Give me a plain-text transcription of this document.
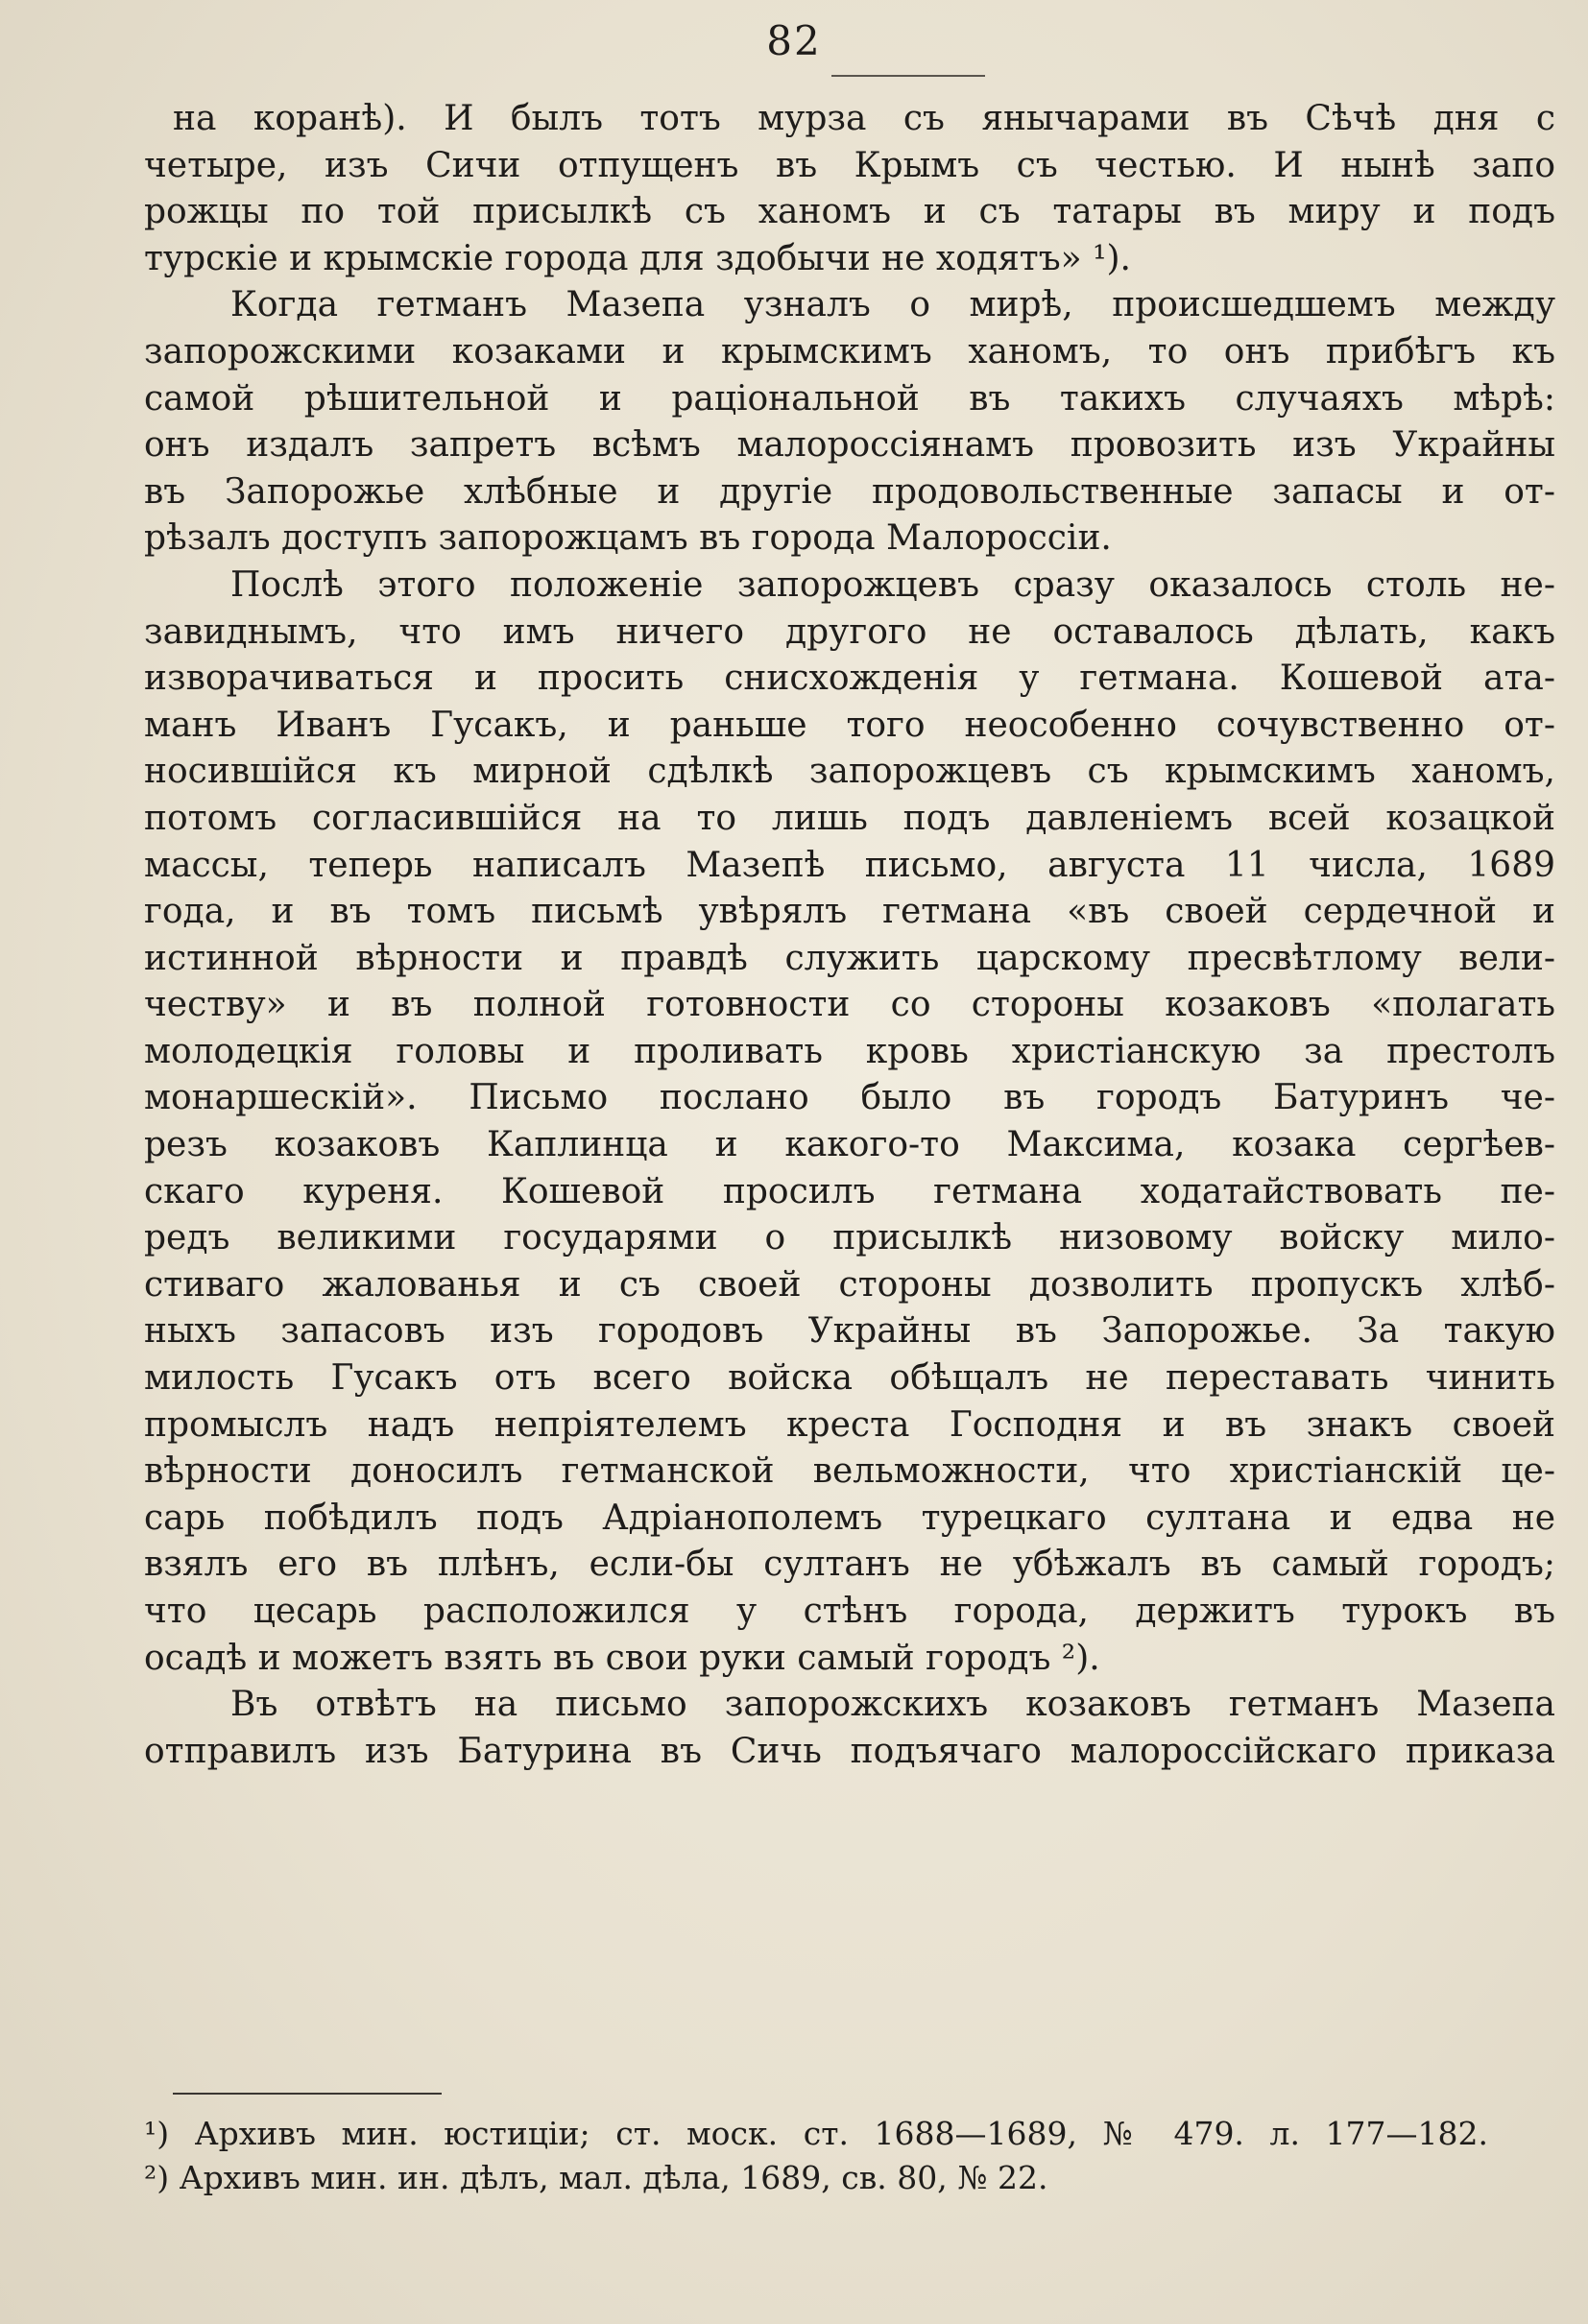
82
на коранѣ). И былъ тотъ мурза съ янычарами въ Сѣчѣ дня с
четыре, изъ Сичи отпущенъ въ Крымъ съ честью. И нынѣ запо
рожцы по той присылкѣ съ ханомъ и съ татары въ миру и подъ
турскіе и крымскіе города для здобычи не ходятъ» ¹).
Когда гетманъ Мазепа узналъ о мирѣ, происшедшемъ между
запорожскими козаками и крымскимъ ханомъ, то онъ прибѣгъ къ
самой рѣшительной и раціональной въ такихъ случаяхъ мѣрѣ:
онъ издалъ запретъ всѣмъ малороссіянамъ провозить изъ Украйны
въ Запорожье хлѣбные и другіе продовольственные запасы и от-
рѣзалъ доступъ запорожцамъ въ города Малороссіи.
Послѣ этого положеніе запорожцевъ сразу оказалось столь не-
завиднымъ, что имъ ничего другого не оставалось дѣлать, какъ
изворачиваться и просить снисхожденія у гетмана. Кошевой ата-
манъ Иванъ Гусакъ, и раньше того неособенно сочувственно от-
носившійся къ мирной сдѣлкѣ запорожцевъ съ крымскимъ ханомъ,
потомъ согласившійся на то лишь подъ давленіемъ всей козацкой
массы, теперь написалъ Мазепѣ письмо, августа 11 числа, 1689
года, и въ томъ письмѣ увѣрялъ гетмана «въ своей сердечной и
истинной вѣрности и правдѣ служить царскому пресвѣтлому вели-
честву» и въ полной готовности со стороны козаковъ «полагать
молодецкія головы и проливать кровь христіанскую за престолъ
монаршескій». Письмо послано было въ городъ Батуринъ че-
резъ козаковъ Каплинца и какого-то Максима, козака сергѣев-
скаго куреня. Кошевой просилъ гетмана ходатайствовать пе-
редъ великими государями о присылкѣ низовому войску мило-
стиваго жалованья и съ своей стороны дозволить пропускъ хлѣб-
ныхъ запасовъ изъ городовъ Украйны въ Запорожье. За такую
милость Гусакъ отъ всего войска обѣщалъ не переставать чинить
промыслъ надъ непріятелемъ креста Господня и въ знакъ своей
вѣрности доносилъ гетманской вельможности, что христіанскій це-
сарь побѣдилъ подъ Адріанополемъ турецкаго султана и едва не
взялъ его въ плѣнъ, если-бы султанъ не убѣжалъ въ самый городъ;
что цесарь расположился у стѣнъ города, держитъ турокъ въ
осадѣ и можетъ взять въ свои руки самый городъ ²).
Въ отвѣтъ на письмо запорожскихъ козаковъ гетманъ Мазепа
отправилъ изъ Батурина въ Сичь подъячаго малороссійскаго приказа
¹) Архивъ мин. юстиціи; ст. моск. ст. 1688—1689, № 479. л. 177—182.
²) Архивъ мин. ин. дѣлъ, мал. дѣла, 1689, св. 80, № 22.
